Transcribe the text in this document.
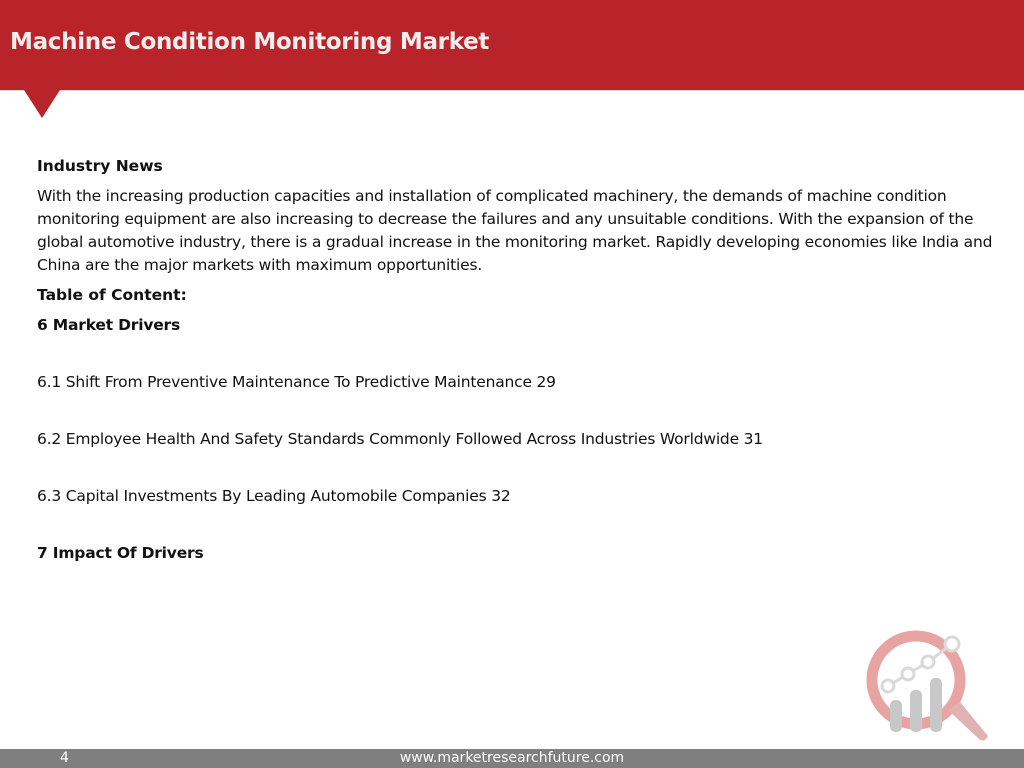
Machine Condition Monitoring Market
Industry News
With the increasing production capacities and installation of complicated machinery, the demands of machine condition monitoring equipment are also increasing to decrease the failures and any unsuitable conditions. With the expansion of the global automotive industry, there is a gradual increase in the monitoring market. Rapidly developing economies like India and China are the major markets with maximum opportunities.
Table of Content:
6 Market Drivers
6.1 Shift From Preventive Maintenance To Predictive Maintenance 29
6.2 Employee Health And Safety Standards Commonly Followed Across Industries Worldwide 31
6.3 Capital Investments By Leading Automobile Companies 32
7 Impact Of Drivers
www.marketresearchfuture.com
4
